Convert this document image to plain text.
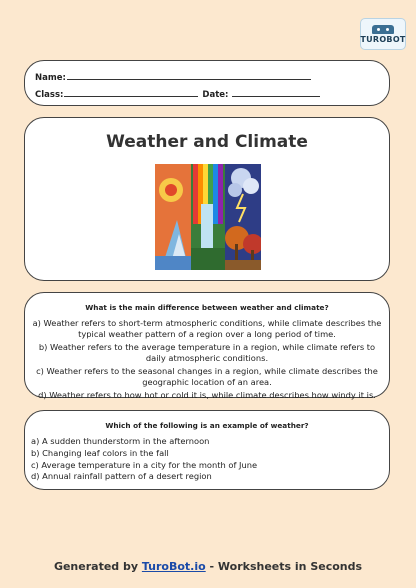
TUROBOT
Name:
Class:	Date:
Weather and Climate
What is the main difference between weather and climate?
a) Weather refers to short-term atmospheric conditions, while climate describes the typical weather pattern of a region over a long period of time.
b) Weather refers to the average temperature in a region, while climate refers to daily atmospheric conditions.
c) Weather refers to the seasonal changes in a region, while climate describes the geographic location of an area.
d) Weather refers to how hot or cold it is, while climate describes how windy it is.
Which of the following is an example of weather?
a) A sudden thunderstorm in the afternoon
b) Changing leaf colors in the fall
c) Average temperature in a city for the month of June
d) Annual rainfall pattern of a desert region
Generated by TuroBot.io - Worksheets in Seconds
